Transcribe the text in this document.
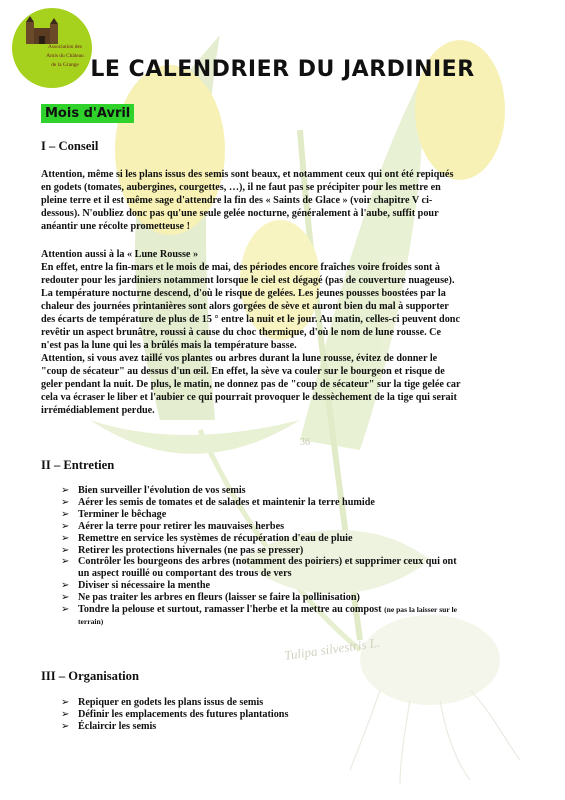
36
Tulipa silvestris L.
Association des
Amis du Château
de la Grange LE CALENDRIER DU JARDINIER
Mois d'Avril
I – Conseil
Attention, même si les plans issus des semis sont beaux, et notamment ceux qui ont été repiqués
en godets (tomates, aubergines, courgettes, …), il ne faut pas se précipiter pour les mettre en
pleine terre et il est même sage d'attendre la fin des « Saints de Glace » (voir chapitre V ci-
dessous). N'oubliez donc pas qu'une seule gelée nocturne, généralement à l'aube, suffit pour
anéantir une récolte prometteuse !
Attention aussi à la « Lune Rousse »
En effet, entre la fin-mars et le mois de mai, des périodes encore fraîches voire froides sont à
redouter pour les jardiniers notamment lorsque le ciel est dégagé (pas de couverture nuageuse).
La température nocturne descend, d'où le risque de gelées. Les jeunes pousses boostées par la
chaleur des journées printanières sont alors gorgées de sève et auront bien du mal à supporter
des écarts de température de plus de 15 ° entre la nuit et le jour. Au matin, celles-ci peuvent donc
revêtir un aspect brunâtre, roussi à cause du choc thermique, d'où le nom de lune rousse. Ce
n'est pas la lune qui les a brûlés mais la température basse.
Attention, si vous avez taillé vos plantes ou arbres durant la lune rousse, évitez de donner le
"coup de sécateur" au dessus d'un œil. En effet, la sève va couler sur le bourgeon et risque de
geler pendant la nuit. De plus, le matin, ne donnez pas de "coup de sécateur" sur la tige gelée car
cela va écraser le liber et l'aubier ce qui pourrait provoquer le dessèchement de la tige qui serait
irrémédiablement perdue.
II – Entretien
➢ Bien surveiller l'évolution de vos semis
➢ Aérer les semis de tomates et de salades et maintenir la terre humide
➢ Terminer le bêchage
➢ Aérer la terre pour retirer les mauvaises herbes
➢ Remettre en service les systèmes de récupération d'eau de pluie
➢ Retirer les protections hivernales (ne pas se presser)
➢ Contrôler les bourgeons des arbres (notamment des poiriers) et supprimer ceux qui ont
un aspect rouillé ou comportant des trous de vers
➢ Diviser si nécessaire la menthe
➢ Ne pas traiter les arbres en fleurs (laisser se faire la pollinisation)
➢ Tondre la pelouse et surtout, ramasser l'herbe et la mettre au compost (ne pas la laisser sur le
terrain)
III – Organisation
➢ Repiquer en godets les plans issus de semis
➢ Définir les emplacements des futures plantations
➢ Éclaircir les semis
